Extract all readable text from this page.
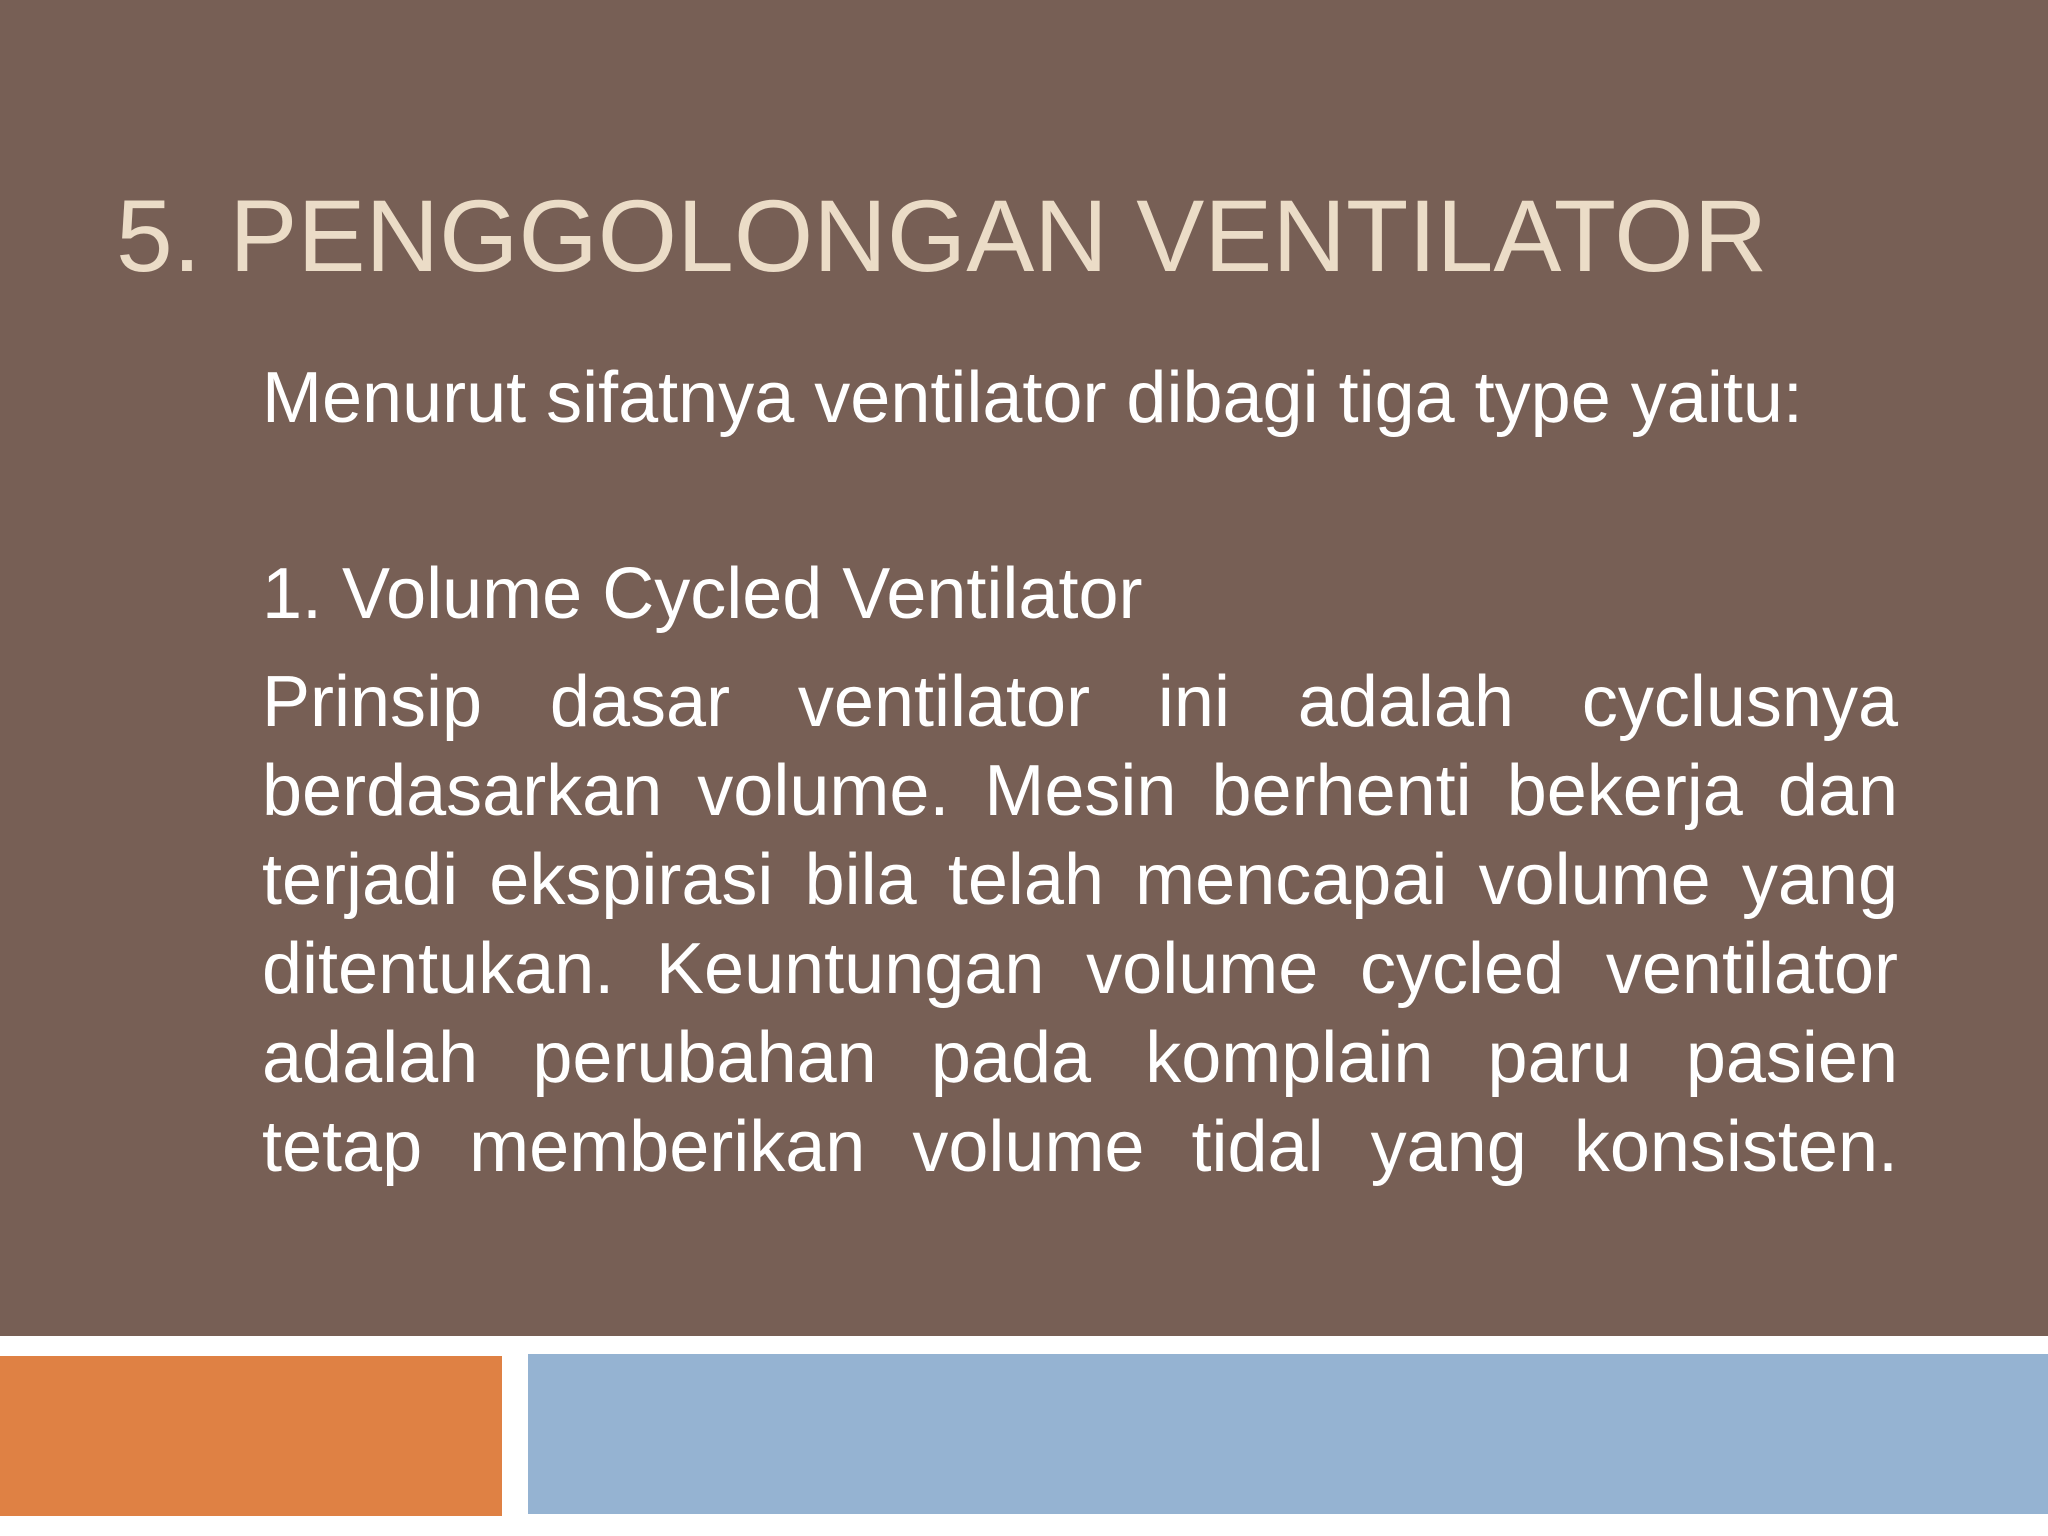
5. PENGGOLONGAN VENTILATOR

Menurut sifatnya ventilator dibagi tiga type yaitu:

1. Volume Cycled Ventilator

Prinsip dasar ventilator ini adalah cyclusnya berdasarkan volume. Mesin berhenti bekerja dan terjadi ekspirasi bila telah mencapai volume yang ditentukan. Keuntungan volume cycled ventilator adalah perubahan pada komplain paru pasien tetap memberikan volume tidal yang konsisten.
